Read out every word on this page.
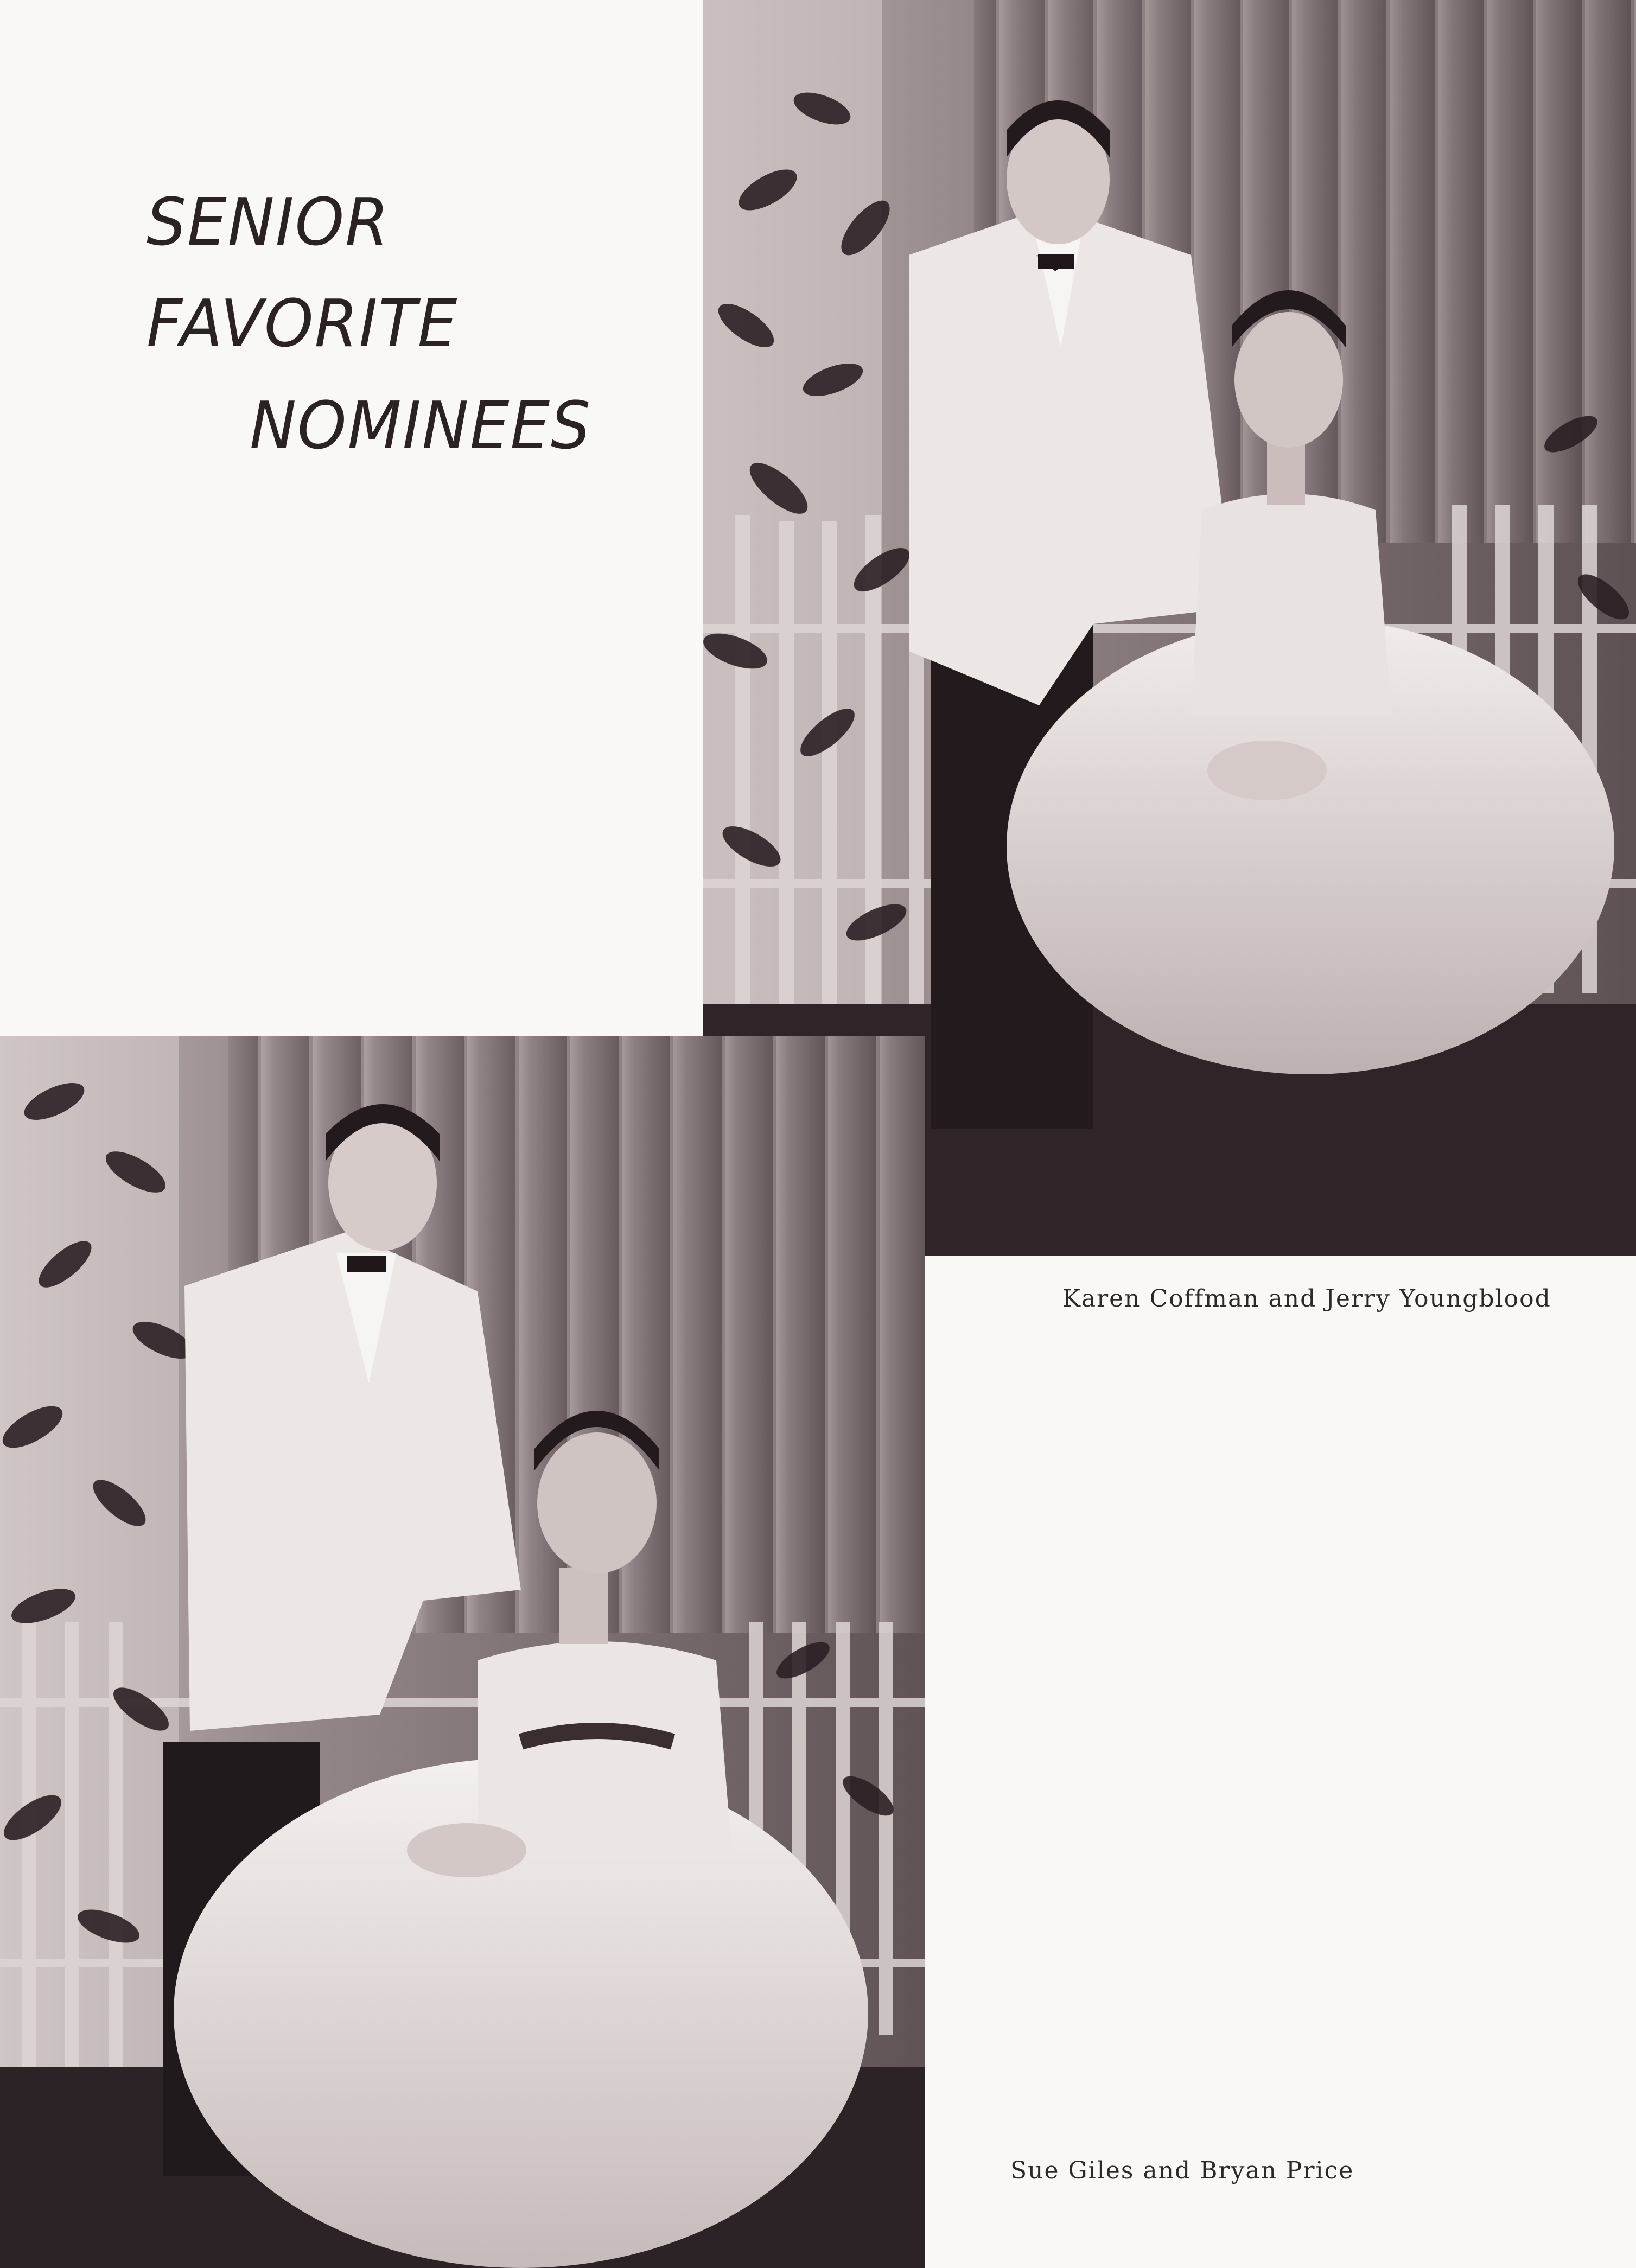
SENIOR FAVORITE
NOMINEES

Karen Coffman and Jerry Youngblood

Sue Giles and Bryan Price
